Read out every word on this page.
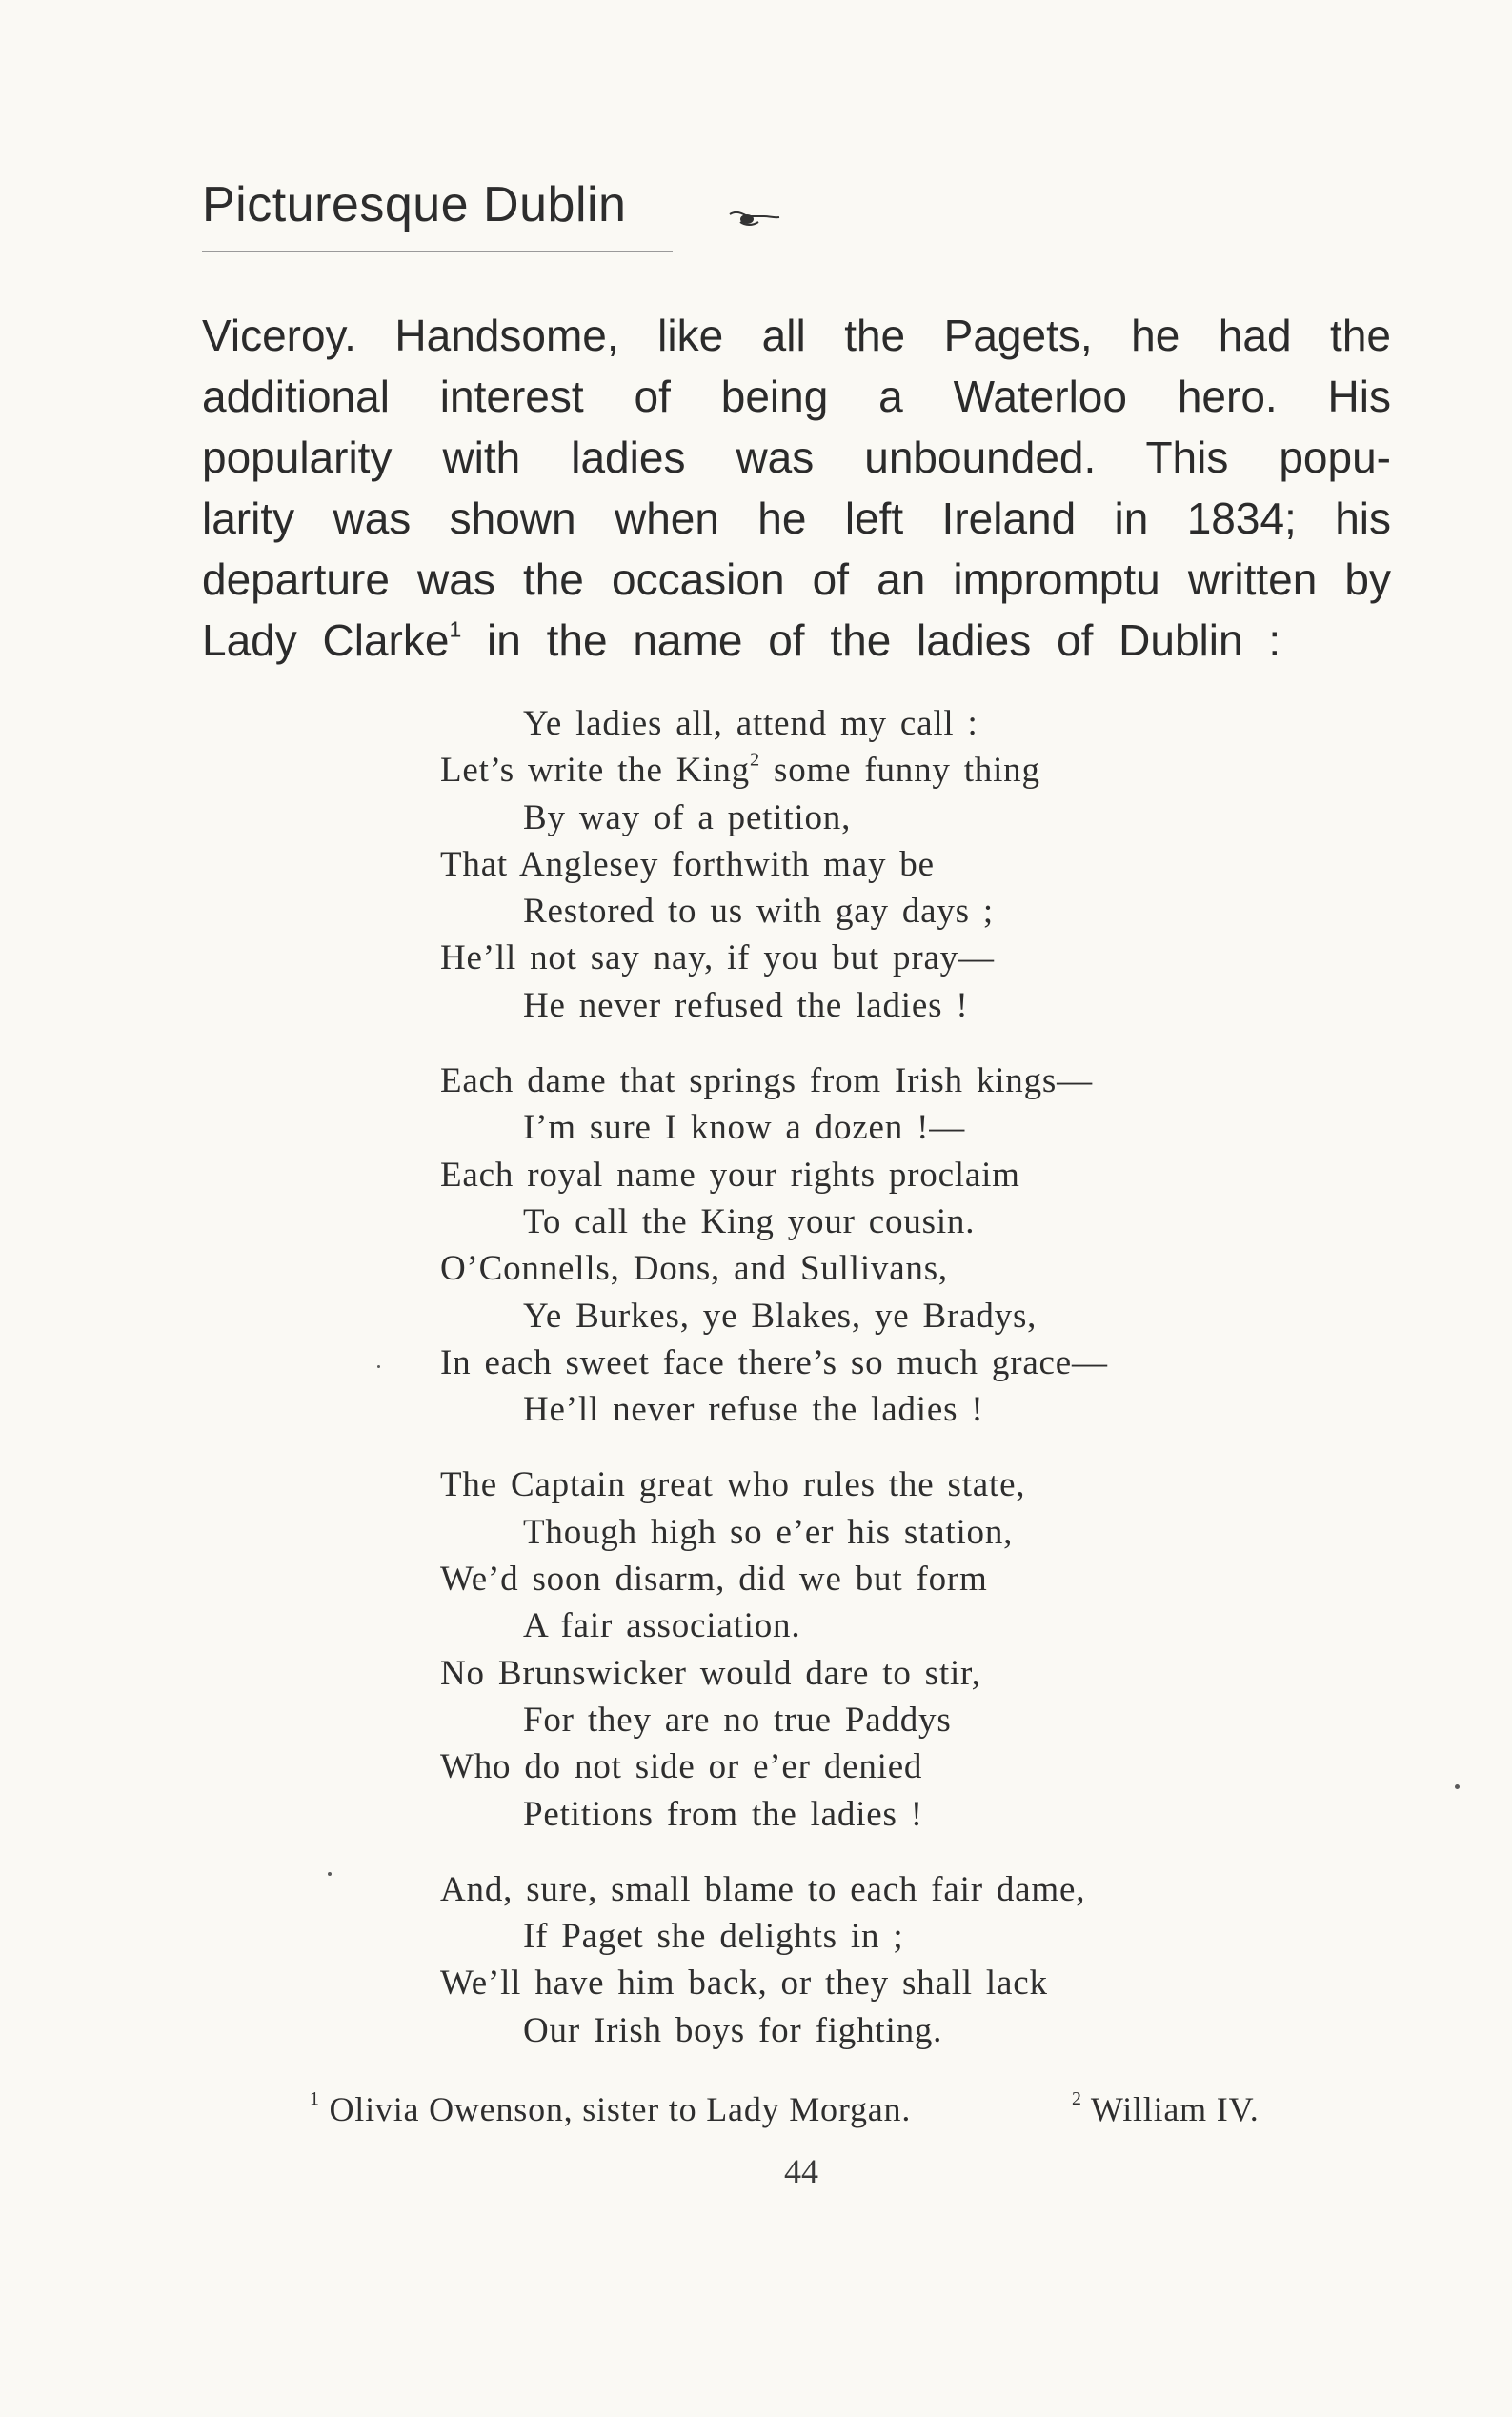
Picturesque Dublin
Viceroy. Handsome, like all the Pagets, he had the
additional interest of being a Waterloo hero. His
popularity with ladies was unbounded. This popu-
larity was shown when he left Ireland in 1834; his
departure was the occasion of an impromptu written by
Lady Clarke$^1$ in the name of the ladies of Dublin :
Ye ladies all, attend my call :
Let’s write the King$^2$ some funny thing
By way of a petition,
That Anglesey forthwith may be
Restored to us with gay days ;
He’ll not say nay, if you but pray—
He never refused the ladies !
Each dame that springs from Irish kings—
I’m sure I know a dozen !—
Each royal name your rights proclaim
To call the King your cousin.
O’Connells, Dons, and Sullivans,
Ye Burkes, ye Blakes, ye Bradys,
In each sweet face there’s so much grace—
He’ll never refuse the ladies !
The Captain great who rules the state,
Though high so e’er his station,
We’d soon disarm, did we but form
A fair association.
No Brunswicker would dare to stir,
For they are no true Paddys
Who do not side or e’er denied
Petitions from the ladies !
And, sure, small blame to each fair dame,
If Paget she delights in ;
We’ll have him back, or they shall lack
Our Irish boys for fighting.
$^1$ Olivia Owenson, sister to Lady Morgan.	$^2$ William IV.
44
